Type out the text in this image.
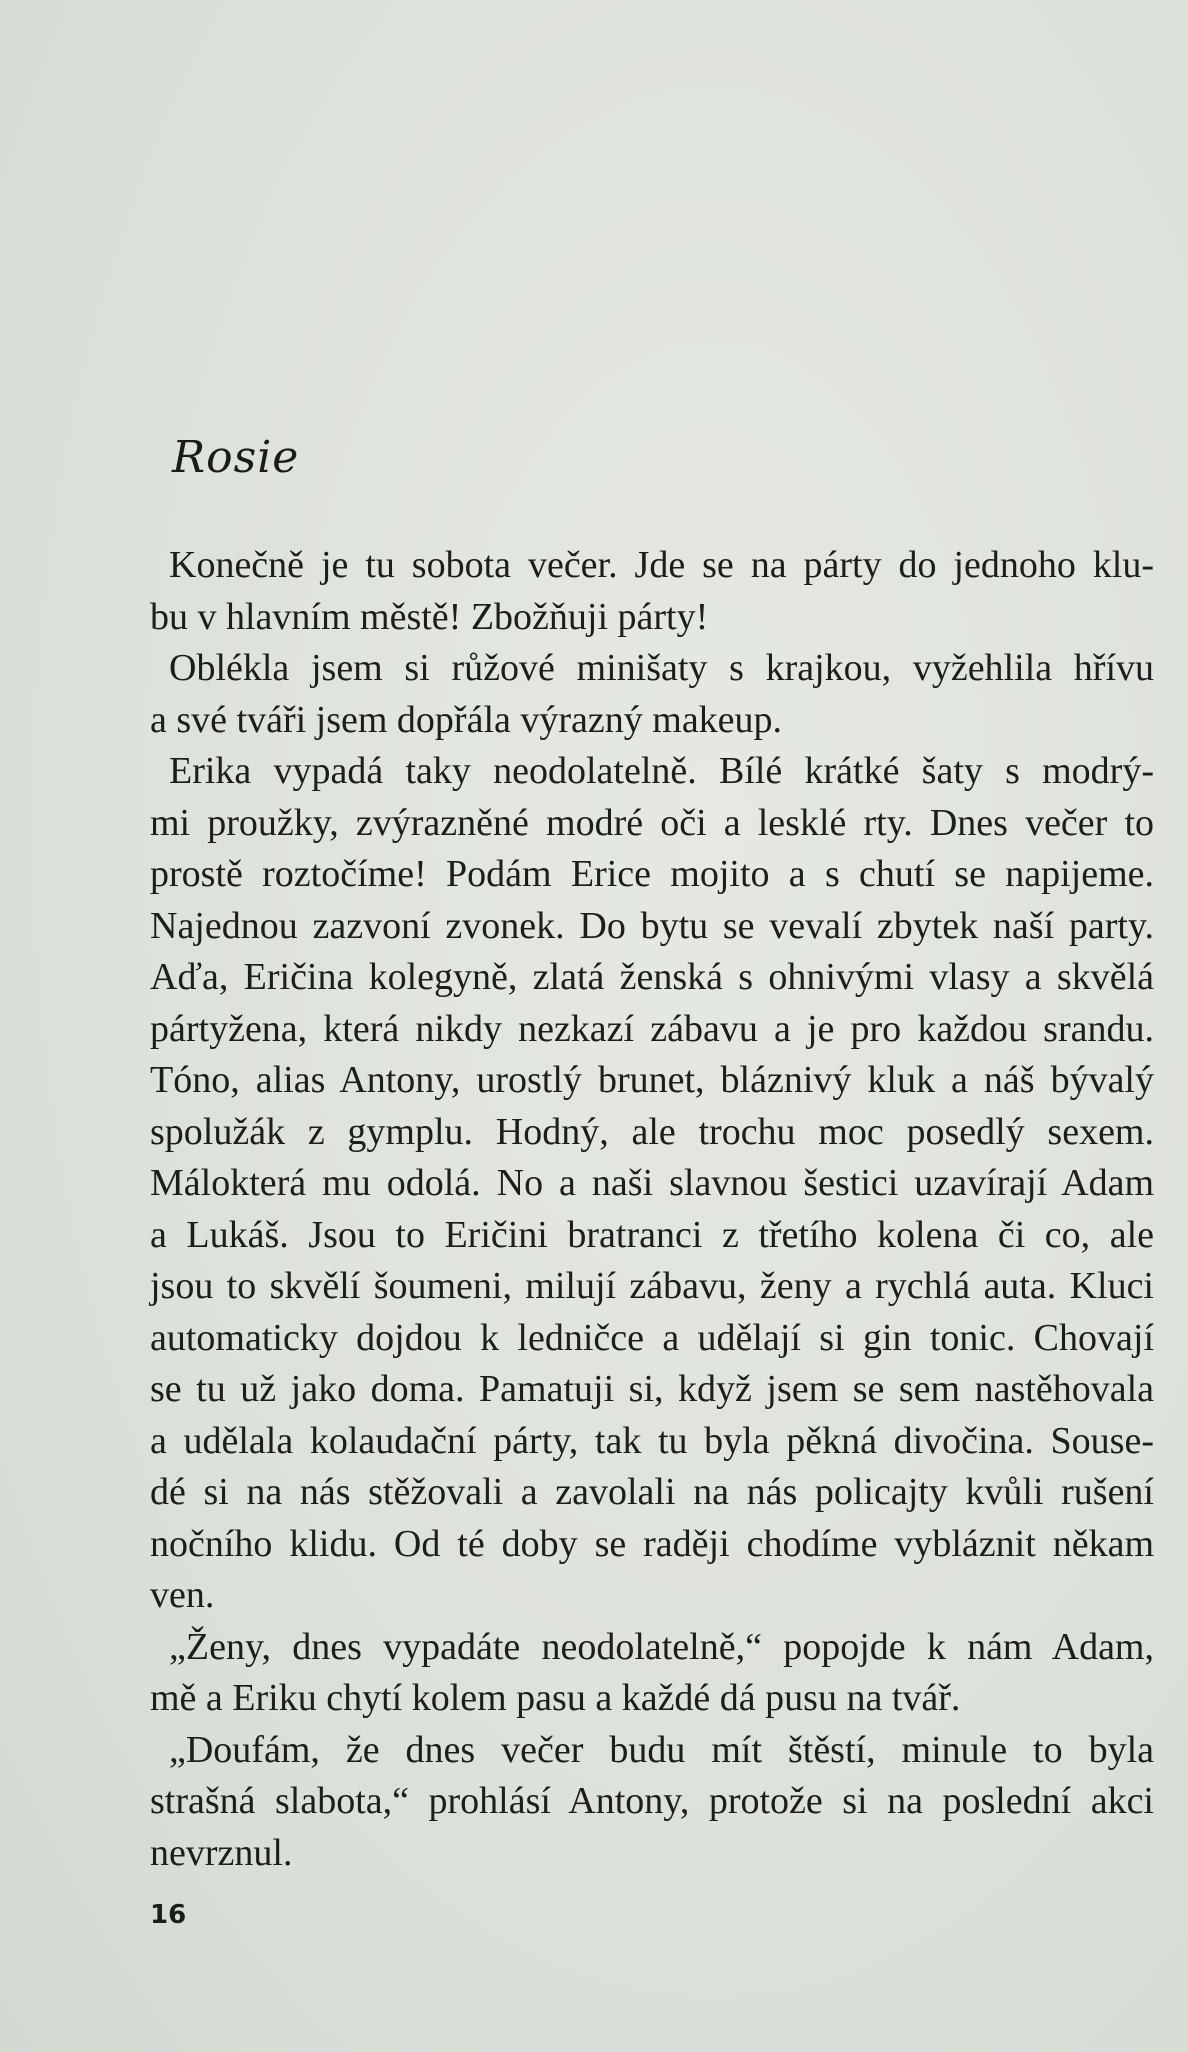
Rosie
Konečně je tu sobota večer. Jde se na párty do jednoho klu-
bu v hlavním městě! Zbožňuji párty!
Oblékla jsem si růžové minišaty s krajkou, vyžehlila hřívu
a své tváři jsem dopřála výrazný makeup.
Erika vypadá taky neodolatelně. Bílé krátké šaty s modrý-
mi proužky, zvýrazněné modré oči a lesklé rty. Dnes večer to
prostě roztočíme! Podám Erice mojito a s chutí se napijeme.
Najednou zazvoní zvonek. Do bytu se vevalí zbytek naší party.
Aďa, Eričina kolegyně, zlatá ženská s ohnivými vlasy a skvělá
pártyžena, která nikdy nezkazí zábavu a je pro každou srandu.
Tóno, alias Antony, urostlý brunet, bláznivý kluk a náš bývalý
spolužák z gymplu. Hodný, ale trochu moc posedlý sexem.
Málokterá mu odolá. No a naši slavnou šestici uzavírají Adam
a Lukáš. Jsou to Eričini bratranci z třetího kolena či co, ale
jsou to skvělí šoumeni, milují zábavu, ženy a rychlá auta. Kluci
automaticky dojdou k ledničce a udělají si gin tonic. Chovají
se tu už jako doma. Pamatuji si, když jsem se sem nastěhovala
a udělala kolaudační párty, tak tu byla pěkná divočina. Souse-
dé si na nás stěžovali a zavolali na nás policajty kvůli rušení
nočního klidu. Od té doby se raději chodíme vybláznit někam
ven.
„Ženy, dnes vypadáte neodolatelně,“ popojde k nám Adam,
mě a Eriku chytí kolem pasu a každé dá pusu na tvář.
„Doufám, že dnes večer budu mít štěstí, minule to byla
strašná slabota,“ prohlásí Antony, protože si na poslední akci
nevrznul.
16
